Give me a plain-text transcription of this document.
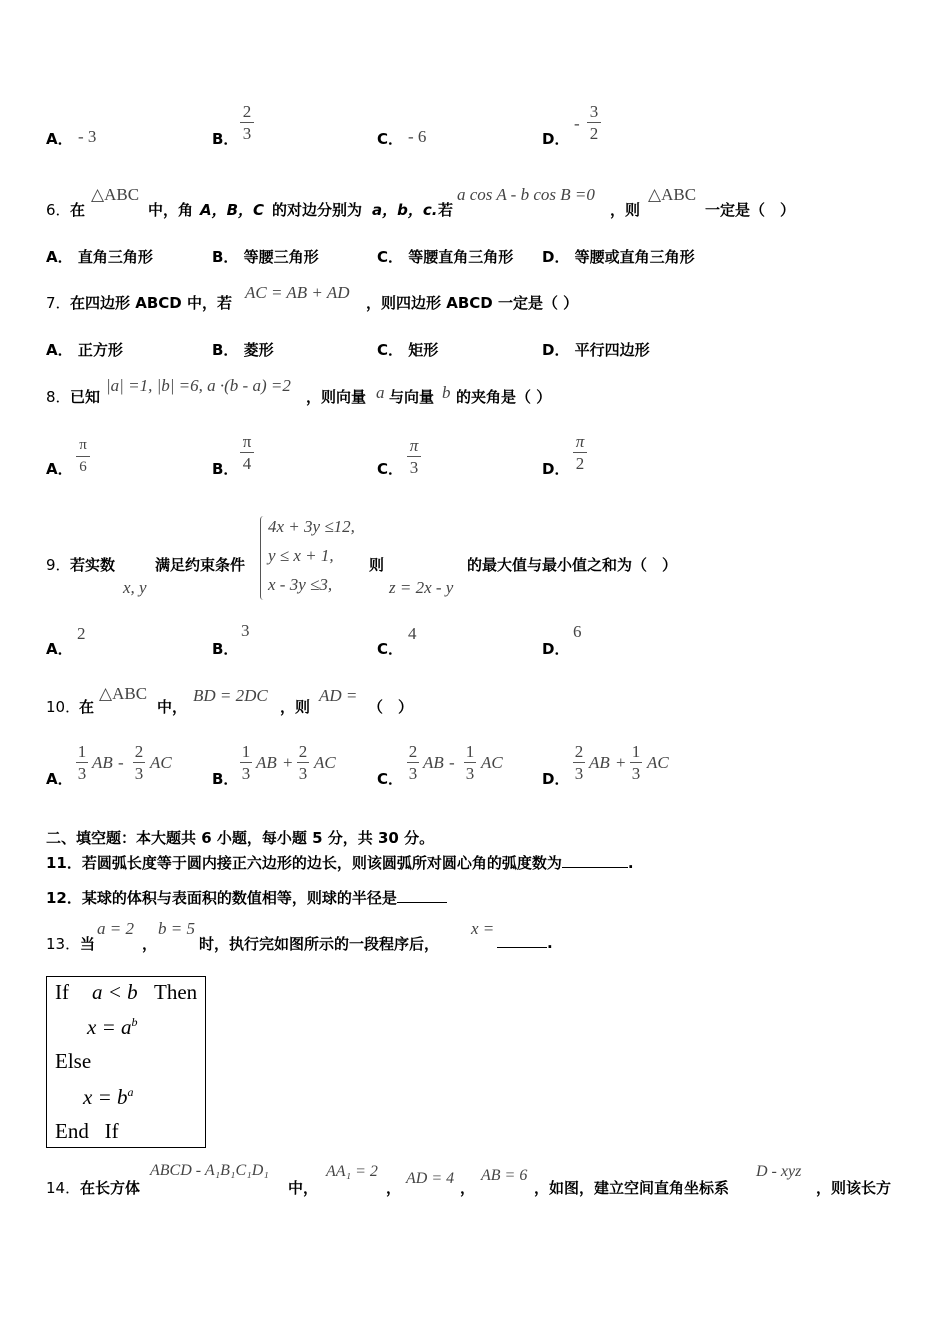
A． - 3	B．
2
3	C． - 6	D．
-
3
2
6． 在
△ABC
中，角 A，B，C 的对边分别为 a，b，c. 若
a cos A - b cos B =0
，则
△ABC
一定是（　）
A． 直角三角形	B． 等腰三角形	C． 等腰直角三角形 D． 等腰或直角三角形
7． 在四边形 ABCD 中，若
AC = AB + AD
，则四边形 ABCD 一定是（ ）
A． 正方形	B． 菱形	C． 矩形	D． 平行四边形
8． 已知
|a| =1, |b| =6, a ·(b - a) =2
，则向量 a 与向量 b 的夹角是（ ）
A．
π
6	B．
π
4	C．
π
3	D．
π
2
9． 若实数
x, y
满足约束条件
4x + 3y ≤12,
y ≤ x + 1,
x - 3y ≤3,
则
z = 2x - y
的最大值与最小值之和为（　）
A．
2
B．
3
C．
4
D．
6
10．
在
△ABC
中，
BD = 2DC
，则
AD =
（　）
A．
1
3
AB -
2
3
AC
B．
1
3
AB +
2
3
AC
C．
2
3
AB -
1
3
AC
D．
2
3
AB +
1
3
AC
二、填空题：本大题共 6 小题，每小题 5 分，共 30 分。
11．若圆弧长度等于圆内接正六边形的边长，则该圆弧所对圆心角的弧度数为	.
12．某球的体积与表面积的数值相等，则球的半径是
13． 当
a = 2
，
b = 5
时，执行完如图所示的一段程序后，
x =
.
If a < b Then
$x = a^b$
Else
$x = b^a$
End   If
14． 在长方体
ABCD - A₁B₁C₁D₁
中，
AA₁ = 2
，
AD = 4
，
AB = 6
，如图，建立空间直角坐标系
D - xyz
，则该长方
